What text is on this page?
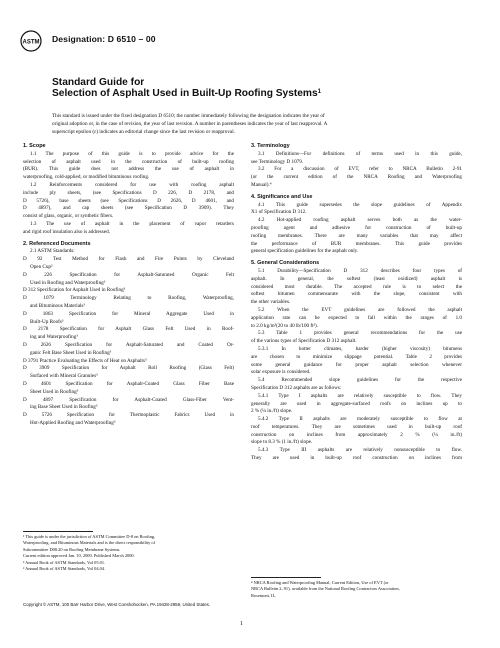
ASTM Designation: D 6510 – 00
Standard Guide for
Selection of Asphalt Used in Built-Up Roofing Systems$^1$
This standard is issued under the fixed designation D 6510; the number immediately following the designation indicates the year of
original adoption or, in the case of revision, the year of last revision. A number in parentheses indicates the year of last reapproval. A
superscript epsilon (ε) indicates an editorial change since the last revision or reapproval.
1. Scope
1.1 The purpose of this guide is to provide advice for the
selection of asphalt used in the construction of built-up roofing
(BUR). This guide does not address the use of asphalt in
waterproofing, cold-applied, or modified bituminous roofing.
1.2 Reinforcements considered for use with roofing asphalt
include ply sheets, (see Specifications D 226, D 2178, and
D 5726), base sheets (see Specifications D 2626, D 4601, and
D 4897), and cap sheets (see Specification D 3909). They
consist of glass, organic, or synthetic fibers.
1.3 The use of asphalt in the placement of vapor retarders
and rigid roof insulation also is addressed.
2. Referenced Documents
2.1 ASTM Standards:
D 92 Test Method for Flash and Fire Points by Cleveland
Open Cup²
D 226 Specification for Asphalt-Saturated Organic Felt
Used in Roofing and Waterproofing³
D 312 Specification for Asphalt Used in Roofing³
D 1079 Terminology Relating to Roofing, Waterproofing,
and Bituminous Materials³
D 1863 Specification for Mineral Aggregate Used in
Built-Up Roofs³
D 2178 Specification for Asphalt Glass Felt Used in Roof-
ing and Waterproofing³
D 2626 Specification for Asphalt-Saturated and Coated Or-
ganic Felt Base Sheet Used in Roofing³
D 3791 Practice Evaluating the Effects of Heat on Asphalts³
D 3909 Specification for Asphalt Roll Roofing (Glass Felt)
Surfaced with Mineral Granules³
D 4601 Specification for Asphalt-Coated Glass Fiber Base
Sheet Used in Roofing³
D 4897 Specification for Asphalt-Coated Glass-Fiber Vent-
ing Base Sheet Used in Roofing³
D 5726 Specification for Thermoplastic Fabrics Used in
Hot-Applied Roofing and Waterproofing³
3. Terminology
3.1 Definitions—For definitions of terms used in this guide,
see Terminology D 1079.
3.2 For a discussion of EVT, refer to NRCA Bulletin 2-91
(or the current edition of the NRCA Roofing and Waterproofing
Manual).⁴
4. Significance and Use
4.1 This guide supersedes the slope guidelines of Appendix
X1 of Specification D 312.
4.2 Hot-applied roofing asphalt serves both as the water-
proofing agent and adhesive for construction of built-up
roofing membranes. There are many variables that may affect
the performance of BUR membranes. This guide provides
general specification guidelines for the asphalt only.
5. General Considerations
5.1 Durability—Specification D 312 describes four types of
asphalt. In general, the softest (least oxidized) asphalt is
considered most durable. The accepted rule is to select the
softest bitumen commensurate with the slope, consistent with
the other variables.
5.2 When the EVT guidelines are followed the asphalt
application rate can be expected to fall within the ranges of 1.0
to 2.0 kg/m²(20 to 40 lb/100 ft²).
5.3 Table 1 provides general recommendations for the use
of the various types of Specification D 312 asphalt.
5.3.1 In hotter climates, harder (higher viscosity) bitumens
are chosen to minimize slippage potential. Table 2 provides
some general guidance for proper asphalt selection whenever
solar exposure is considered.
5.4 Recommended slope guidelines for the respective
Specification D 312 asphalts are as follows:
5.4.1 Type I asphalts are relatively susceptible to flow. They
generally are used in aggregate-surfaced roofs on inclines up to
2 % (¼ in./ft) slope.
5.4.2 Type II asphalts are moderately susceptible to flow at
roof temperatures. They are sometimes used in built-up roof
construction on inclines from approximately 2 % (¼ in./ft)
slope to 8.3 % (1 in./ft) slope.
5.4.3 Type III asphalts are relatively nonsusceptible to flow.
They are used in built-up roof construction on inclines from
¹ This guide is under the jurisdiction of ASTM Committee D-8 on Roofing,
Waterproofing, and Bituminous Materials and is the direct responsibility of
Subcommittee D08.20 on Roofing Membrane Systems.
Current edition approved Jan. 10, 2000. Published March 2000.
² Annual Book of ASTM Standards, Vol 05.01.
³ Annual Book of ASTM Standards, Vol 04.04.
⁴ NRCA Roofing and Waterproofing Manual, Current Edition, Use of EVT (or
NRCA Bulletin 2–91), available from the National Roofing Contractors Association,
Rosemont, IL.
Copyright © ASTM, 100 Barr Harbor Drive, West Conshohocken, PA 19428-2959, United States.
1
